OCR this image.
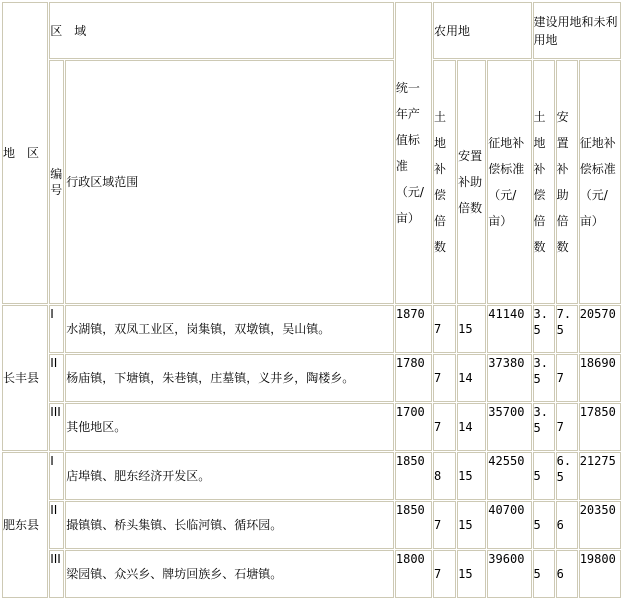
地　区	区　域		统一年产值标准（元/亩）	农用地			建设用地和未利用地		
	编号	行政区域范围		土地补偿倍数	安置补助倍数	征地补偿标准（元/亩）	土地补偿倍数	安置补助倍数	征地补偿标准（元/亩）
长丰县	I	水湖镇，双凤工业区，岗集镇，双墩镇，吴山镇。	1870	7	15	41140	3.5	7.5	20570
	II	杨庙镇，下塘镇，朱巷镇，庄墓镇，义井乡，陶楼乡。	1780	7	14	37380	3.5	7	18690
	III	其他地区。	1700	7	14	35700	3.5	7	17850
肥东县	I	店埠镇、肥东经济开发区。	1850	8	15	42550	5	6.5	21275
	II	撮镇镇、桥头集镇、长临河镇、循环园。	1850	7	15	40700	5	6	20350
	III	梁园镇、众兴乡、牌坊回族乡、石塘镇。	1800	7	15	39600	5	6	19800
